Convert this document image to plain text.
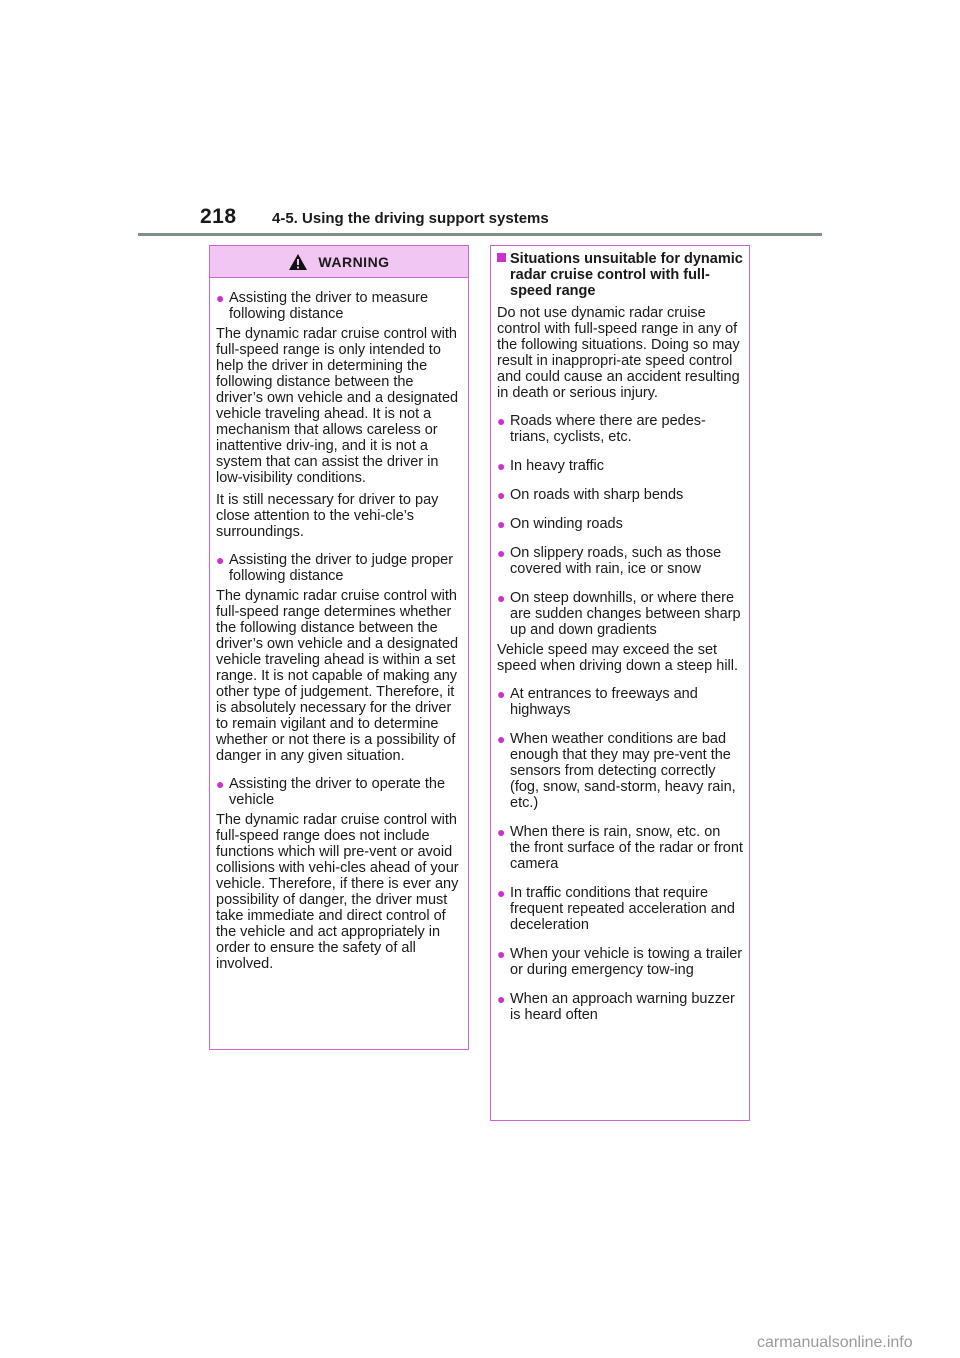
218 4-5. Using the driving support systems
WARNING
● Assisting the driver to measure following distance
The dynamic radar cruise control with full-speed range is only intended to help the driver in determining the following distance between the driver’s own vehicle and a designated vehicle traveling ahead. It is not a mechanism that allows careless or inattentive driv-ing, and it is not a system that can assist the driver in low-visibility conditions.
It is still necessary for driver to pay close attention to the vehi-cle’s surroundings.
● Assisting the driver to judge proper following distance
The dynamic radar cruise control with full-speed range determines whether the following distance between the driver’s own vehicle and a designated vehicle traveling ahead is within a set range. It is not capable of making any other type of judgement. Therefore, it is absolutely necessary for the driver to remain vigilant and to determine whether or not there is a possibility of danger in any given situation.
● Assisting the driver to operate the vehicle
The dynamic radar cruise control with full-speed range does not include functions which will pre-vent or avoid collisions with vehi-cles ahead of your vehicle. Therefore, if there is ever any possibility of danger, the driver must take immediate and direct control of the vehicle and act appropriately in order to ensure the safety of all involved.
Situations unsuitable for dynamic radar cruise control with full-speed range
Do not use dynamic radar cruise control with full-speed range in any of the following situations. Doing so may result in inappropri-ate speed control and could cause an accident resulting in death or serious injury.
● Roads where there are pedes-trians, cyclists, etc.
● In heavy traffic
● On roads with sharp bends
● On winding roads
● On slippery roads, such as those covered with rain, ice or snow
● On steep downhills, or where there are sudden changes between sharp up and down gradients
Vehicle speed may exceed the set speed when driving down a steep hill.
● At entrances to freeways and highways
● When weather conditions are bad enough that they may pre-vent the sensors from detecting correctly (fog, snow, sand-storm, heavy rain, etc.)
● When there is rain, snow, etc. on the front surface of the radar or front camera
● In traffic conditions that require frequent repeated acceleration and deceleration
● When your vehicle is towing a trailer or during emergency tow-ing
● When an approach warning buzzer is heard often
carmanualsonline.info
